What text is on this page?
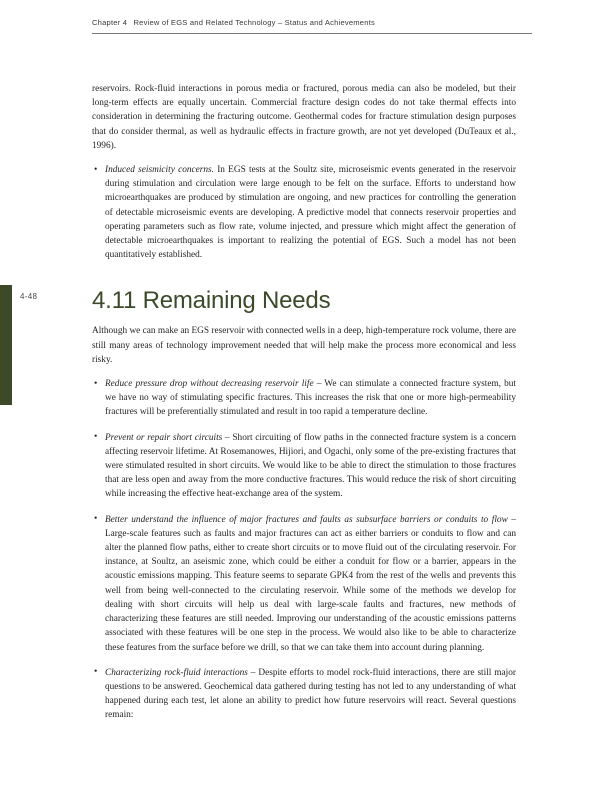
Chapter 4 Review of EGS and Related Technology – Status and Achievements
4-48

reservoirs. Rock-fluid interactions in porous media or fractured, porous media can also be modeled, but their long-term effects are equally uncertain. Commercial fracture design codes do not take thermal effects into consideration in determining the fracturing outcome. Geothermal codes for fracture stimulation design purposes that do consider thermal, as well as hydraulic effects in fracture growth, are not yet developed (DuTeaux et al., 1996).

• Induced seismicity concerns. In EGS tests at the Soultz site, microseismic events generated in the reservoir during stimulation and circulation were large enough to be felt on the surface. Efforts to understand how microearthquakes are produced by stimulation are ongoing, and new practices for controlling the generation of detectable microseismic events are developing. A predictive model that connects reservoir properties and operating parameters such as flow rate, volume injected, and pressure which might affect the generation of detectable microearthquakes is important to realizing the potential of EGS. Such a model has not been quantitatively established.
4.11 Remaining Needs

Although we can make an EGS reservoir with connected wells in a deep, high-temperature rock volume, there are still many areas of technology improvement needed that will help make the process more economical and less risky.

• Reduce pressure drop without decreasing reservoir life – We can stimulate a connected fracture system, but we have no way of stimulating specific fractures. This increases the risk that one or more high-permeability fractures will be preferentially stimulated and result in too rapid a temperature decline.
• Prevent or repair short circuits – Short circuiting of flow paths in the connected fracture system is a concern affecting reservoir lifetime. At Rosemanowes, Hijiori, and Ogachi, only some of the pre-existing fractures that were stimulated resulted in short circuits. We would like to be able to direct the stimulation to those fractures that are less open and away from the more conductive fractures. This would reduce the risk of short circuiting while increasing the effective heat-exchange area of the system.
• Better understand the influence of major fractures and faults as subsurface barriers or conduits to flow – Large-scale features such as faults and major fractures can act as either barriers or conduits to flow and can alter the planned flow paths, either to create short circuits or to move fluid out of the circulating reservoir. For instance, at Soultz, an aseismic zone, which could be either a conduit for flow or a barrier, appears in the acoustic emissions mapping. This feature seems to separate GPK4 from the rest of the wells and prevents this well from being well-connected to the circulating reservoir. While some of the methods we develop for dealing with short circuits will help us deal with large-scale faults and fractures, new methods of characterizing these features are still needed. Improving our understanding of the acoustic emissions patterns associated with these features will be one step in the process. We would also like to be able to characterize these features from the surface before we drill, so that we can take them into account during planning.
• Characterizing rock-fluid interactions – Despite efforts to model rock-fluid interactions, there are still major questions to be answered. Geochemical data gathered during testing has not led to any understanding of what happened during each test, let alone an ability to predict how future reservoirs will react. Several questions remain:
